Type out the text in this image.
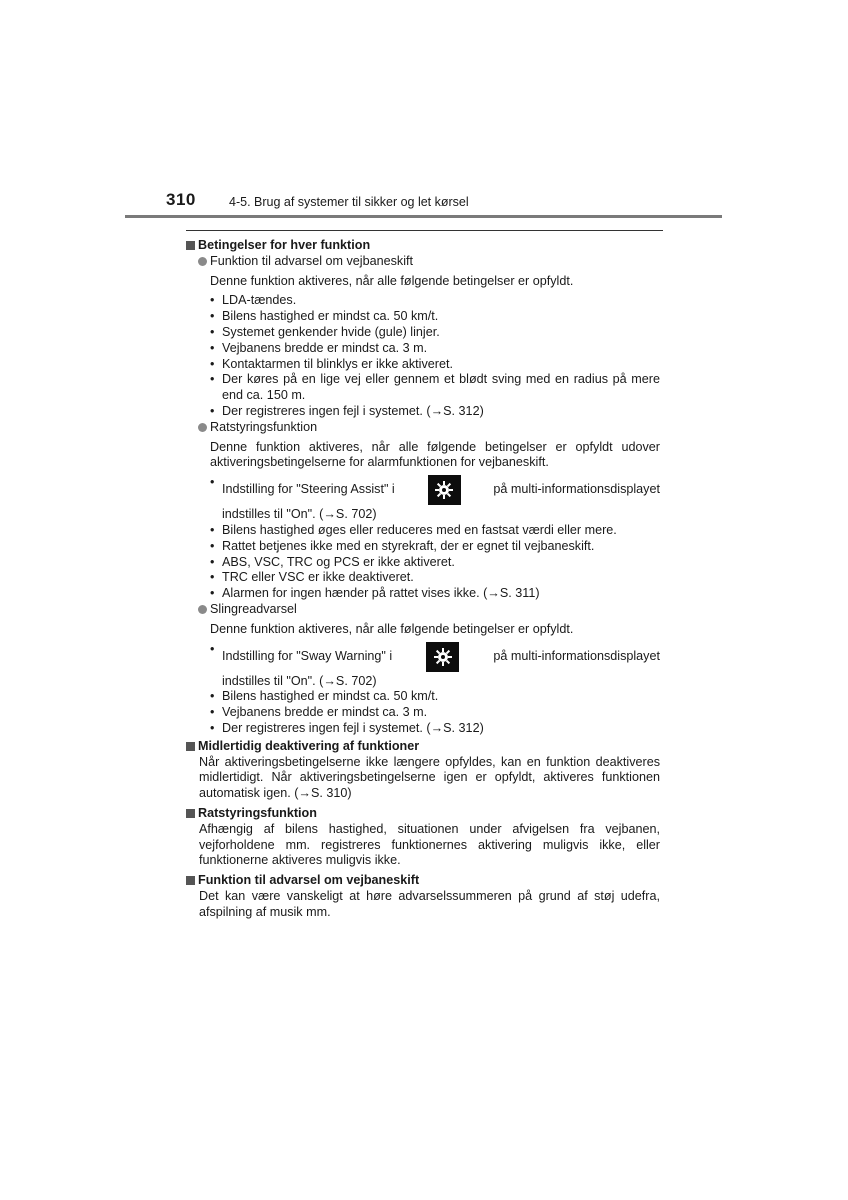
310	4-5. Brug af systemer til sikker og let kørsel
Betingelser for hver funktion
Funktion til advarsel om vejbaneskift
Denne funktion aktiveres, når alle følgende betingelser er opfyldt.
• LDA-tændes.
• Bilens hastighed er mindst ca. 50 km/t.
• Systemet genkender hvide (gule) linjer.
• Vejbanens bredde er mindst ca. 3 m.
• Kontaktarmen til blinklys er ikke aktiveret.
• Der køres på en lige vej eller gennem et blødt sving med en radius på mere end ca. 150 m.
• Der registreres ingen fejl i systemet. (→S. 312)
Ratstyringsfunktion
Denne funktion aktiveres, når alle følgende betingelser er opfyldt udover aktiveringsbetingelserne for alarmfunktionen for vejbaneskift.
• Indstilling for "Steering Assist" i	på multi-informationsdisplayet
indstilles til "On". (→S. 702)
• Bilens hastighed øges eller reduceres med en fastsat værdi eller mere.
• Rattet betjenes ikke med en styrekraft, der er egnet til vejbaneskift.
• ABS, VSC, TRC og PCS er ikke aktiveret.
• TRC eller VSC er ikke deaktiveret.
• Alarmen for ingen hænder på rattet vises ikke. (→S. 311)
Slingreadvarsel
Denne funktion aktiveres, når alle følgende betingelser er opfyldt.
• Indstilling for "Sway Warning" i	på multi-informationsdisplayet
indstilles til "On". (→S. 702)
• Bilens hastighed er mindst ca. 50 km/t.
• Vejbanens bredde er mindst ca. 3 m.
• Der registreres ingen fejl i systemet. (→S. 312)
Midlertidig deaktivering af funktioner
Når aktiveringsbetingelserne ikke længere opfyldes, kan en funktion deaktiveres midlertidigt. Når aktiveringsbetingelserne igen er opfyldt, aktiveres funktionen automatisk igen. (→S. 310)
Ratstyringsfunktion
Afhængig af bilens hastighed, situationen under afvigelsen fra vejbanen, vejforholdene mm. registreres funktionernes aktivering muligvis ikke, eller funktionerne aktiveres muligvis ikke.
Funktion til advarsel om vejbaneskift
Det kan være vanskeligt at høre advarselssummeren på grund af støj udefra, afspilning af musik mm.
